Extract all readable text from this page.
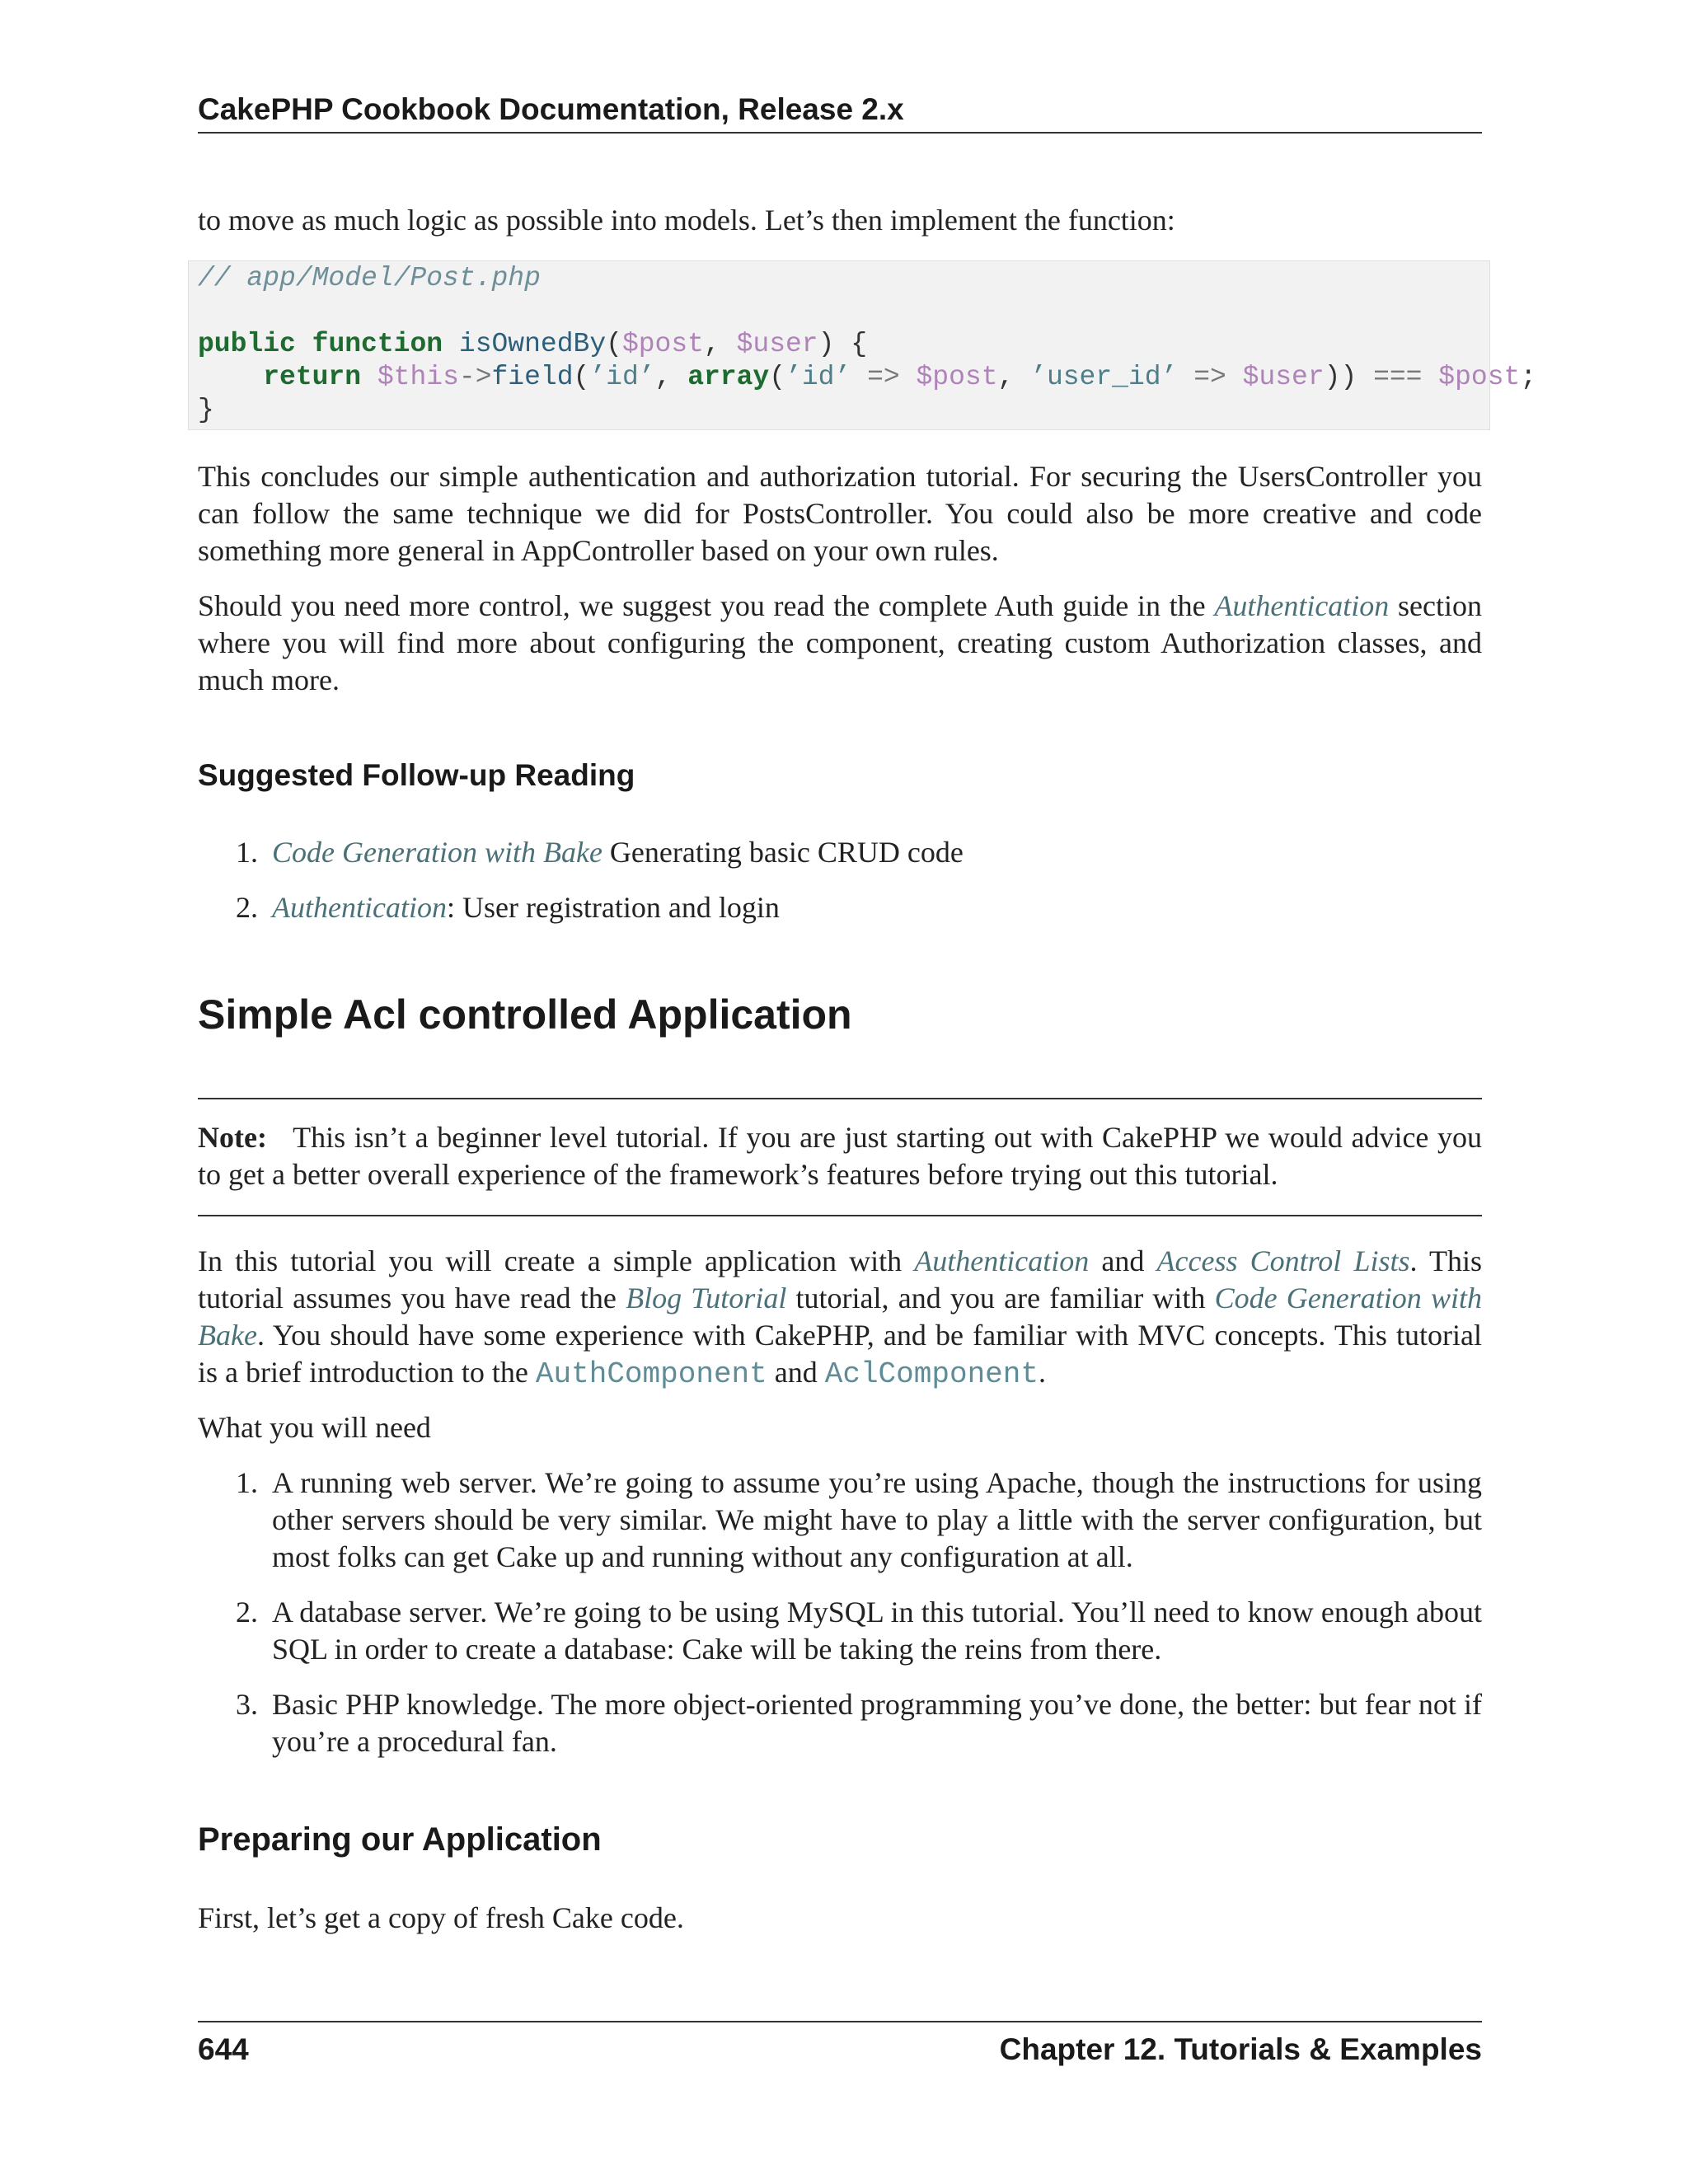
CakePHP Cookbook Documentation, Release 2.x

to move as much logic as possible into models. Let’s then implement the function:

// app/Model/Post.php
public function isOwnedBy($post, $user) {
return $this->field(’id’, array(’id’ => $post, ’user_id’ => $user)) === $post;
}

This concludes our simple authentication and authorization tutorial. For securing the UsersController you can follow the same technique we did for PostsController. You could also be more creative and code something more general in AppController based on your own rules.

Should you need more control, we suggest you read the complete Auth guide in the Authentication section where you will find more about configuring the component, creating custom Authorization classes, and much more.

Suggested Follow-up Reading
1. Code Generation with Bake Generating basic CRUD code
2. Authentication: User registration and login
Simple Acl controlled Application

Note: This isn’t a beginner level tutorial. If you are just starting out with CakePHP we would advice you to get a better overall experience of the framework’s features before trying out this tutorial.

In this tutorial you will create a simple application with Authentication and Access Control Lists. This tutorial assumes you have read the Blog Tutorial tutorial, and you are familiar with Code Generation with Bake. You should have some experience with CakePHP, and be familiar with MVC concepts. This tutorial is a brief introduction to the AuthComponent and AclComponent.

What you will need

1. A running web server. We’re going to assume you’re using Apache, though the instructions for using other servers should be very similar. We might have to play a little with the server configuration, but most folks can get Cake up and running without any configuration at all.
2. A database server. We’re going to be using MySQL in this tutorial. You’ll need to know enough about SQL in order to create a database: Cake will be taking the reins from there.
3. Basic PHP knowledge. The more object-oriented programming you’ve done, the better: but fear not if you’re a procedural fan.
Preparing our Application

First, let’s get a copy of fresh Cake code.

644	Chapter 12. Tutorials & Examples
